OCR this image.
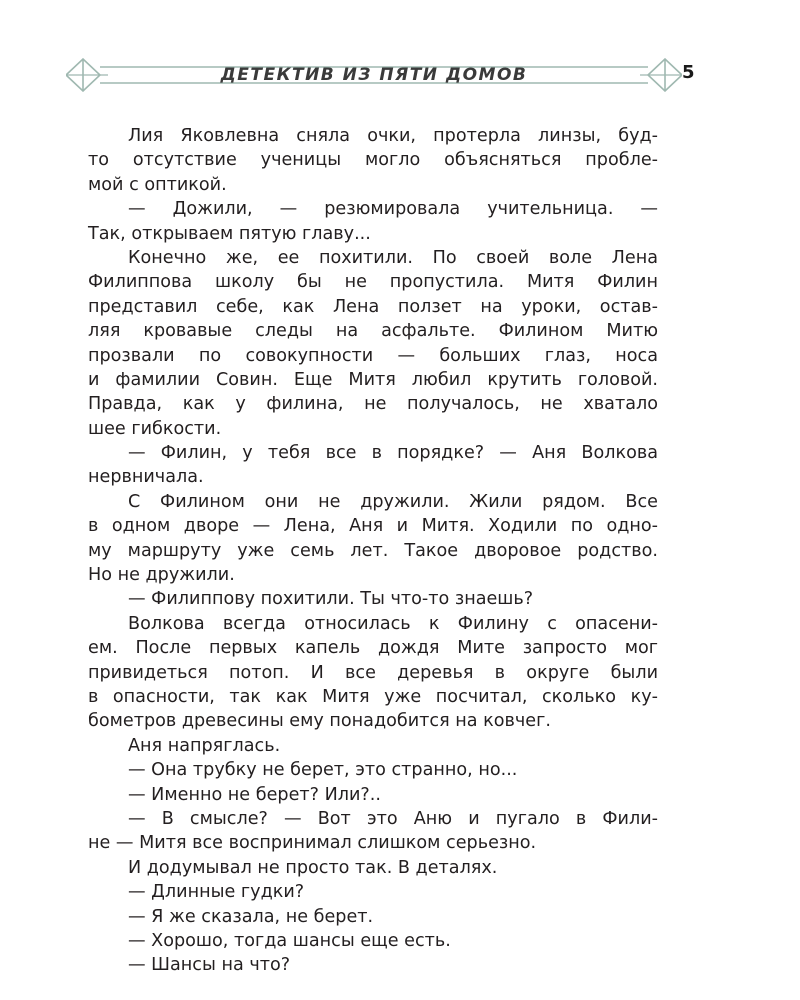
ДЕТЕКТИВ ИЗ ПЯТИ ДОМОВ	5
Лия Яковлевна сняла очки, протерла линзы, буд-
то отсутствие ученицы могло объясняться пробле-
мой с оптикой.
— Дожили, — резюмировала учительница. —
Так, открываем пятую главу...
Конечно же, ее похитили. По своей воле Лена
Филиппова школу бы не пропустила. Митя Филин
представил себе, как Лена ползет на уроки, остав-
ляя кровавые следы на асфальте. Филином Митю
прозвали по совокупности — больших глаз, носа
и фамилии Совин. Еще Митя любил крутить головой.
Правда, как у филина, не получалось, не хватало
шее гибкости.
— Филин, у тебя все в порядке? — Аня Волкова
нервничала.
С Филином они не дружили. Жили рядом. Все
в одном дворе — Лена, Аня и Митя. Ходили по одно-
му маршруту уже семь лет. Такое дворовое родство.
Но не дружили.
— Филиппову похитили. Ты что-то знаешь?
Волкова всегда относилась к Филину с опасени-
ем. После первых капель дождя Мите запросто мог
привидеться потоп. И все деревья в округе были
в опасности, так как Митя уже посчитал, сколько ку-
бометров древесины ему понадобится на ковчег.
Аня напряглась.
— Она трубку не берет, это странно, но...
— Именно не берет? Или?..
— В смысле? — Вот это Аню и пугало в Фили-
не — Митя все воспринимал слишком серьезно.
И додумывал не просто так. В деталях.
— Длинные гудки?
— Я же сказала, не берет.
— Хорошо, тогда шансы еще есть.
— Шансы на что?
